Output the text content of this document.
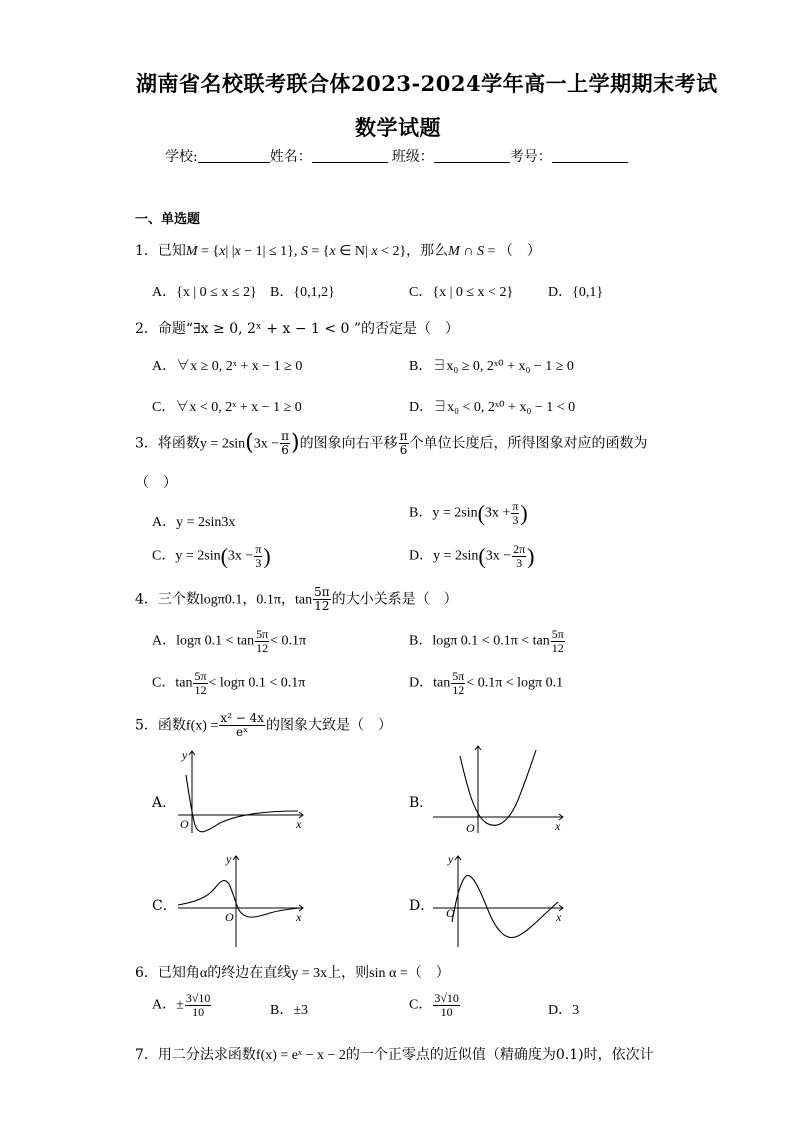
湖南省名校联考联合体2023-2024学年高一上学期期末考试
数学试题
学校:	姓名：	班级：	考号：
一、单选题
1．已知M = {x| |x − 1| ≤ 1}, S = {x ∈ N| x < 2}，那么M ∩ S = （　）
A．{x | 0 ≤ x ≤ 2} B．{0,1,2}	C．{x | 0 ≤ x < 2} D．{0,1}
2．命题“∃x ≥ 0, 2ˣ + x − 1 < 0 ”的否定是（　）
A．∀x ≥ 0, 2ˣ + x − 1 ≥ 0	B．∃x₀ ≥ 0, 2ˣ⁰ + x₀ − 1 ≥ 0
C．∀x < 0, 2ˣ + x − 1 ≥ 0	D．∃x₀ < 0, 2ˣ⁰ + x₀ − 1 < 0
3．将函数$y = 2\sin(3x - \frac{\pi}{6}$ )的图象向右平移 $\frac{\pi}{6}$ 个单位长度后，所得图象对应的函数为
（　）
A．y = 2sin3x
B．$y = 2\sin(3x + \frac{\pi}{3}$ )
C．$y = 2\sin(3x - \frac{\pi}{3}$ )	D．$y = 2\sin(3x - \frac{2\pi}{3}$ )
4．三个数logπ0.1，0.1π，$\tan \frac{5\pi}{12}$ 的大小关系是（　）
A．logπ $0.1 < \tan \frac{5\pi}{12} < 0.1\pi$	B．logπ $0.1 < 0.1\pi < \tan \frac{5\pi}{12}$
C．$\tan \frac{5\pi}{12} < \log\pi$ 0.1 < 0.1π	D．$\tan \frac{5\pi}{12} < 0.1\pi < \log\pi$ 0.1
5．函数$f(x) = \frac{\text{x² − 4x}}{\text{eˣ}}$ 的图象大致是（　）
A．	B．
C．	D．
y
x
O	x
O
y
x
O
y
x
O
6．已知角α的终边在直线y = 3x上，则sin α =（　）
A．± $\frac{3√10}{10}$	B．±3	C． $\frac{3√10}{10}$	D．3
7．用二分法求函数f(x) = eˣ − x − 2的一个正零点的近似值（精确度为0.1)时，依次计
